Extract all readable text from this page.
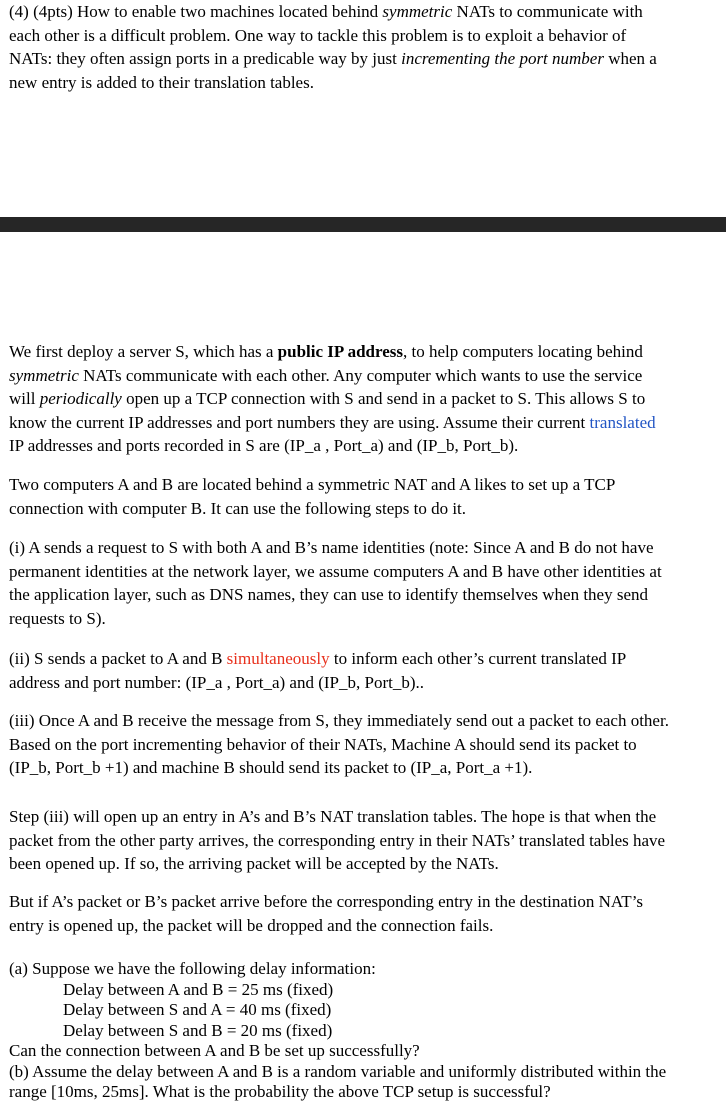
(4) (4pts) How to enable two machines located behind symmetric NATs to communicate with
each other is a difficult problem. One way to tackle this problem is to exploit a behavior of
NATs: they often assign ports in a predicable way by just incrementing the port number when a
new entry is added to their translation tables.
We first deploy a server S, which has a public IP address, to help computers locating behind
symmetric NATs communicate with each other. Any computer which wants to use the service
will periodically open up a TCP connection with S and send in a packet to S. This allows S to
know the current IP addresses and port numbers they are using. Assume their current translated
IP addresses and ports recorded in S are (IP_a , Port_a) and (IP_b, Port_b).
Two computers A and B are located behind a symmetric NAT and A likes to set up a TCP
connection with computer B. It can use the following steps to do it.
(i) A sends a request to S with both A and B’s name identities (note: Since A and B do not have
permanent identities at the network layer, we assume computers A and B have other identities at
the application layer, such as DNS names, they can use to identify themselves when they send
requests to S).
(ii) S sends a packet to A and B simultaneously to inform each other’s current translated IP
address and port number: (IP_a , Port_a) and (IP_b, Port_b)..
(iii) Once A and B receive the message from S, they immediately send out a packet to each other.
Based on the port incrementing behavior of their NATs, Machine A should send its packet to
(IP_b, Port_b +1) and machine B should send its packet to (IP_a, Port_a +1).
Step (iii) will open up an entry in A’s and B’s NAT translation tables. The hope is that when the
packet from the other party arrives, the corresponding entry in their NATs’ translated tables have
been opened up. If so, the arriving packet will be accepted by the NATs.
But if A’s packet or B’s packet arrive before the corresponding entry in the destination NAT’s
entry is opened up, the packet will be dropped and the connection fails.
(a) Suppose we have the following delay information:
Delay between A and B = 25 ms (fixed)
Delay between S and A = 40 ms (fixed)
Delay between S and B = 20 ms (fixed)
Can the connection between A and B be set up successfully?
(b) Assume the delay between A and B is a random variable and uniformly distributed within the
range [10ms, 25ms]. What is the probability the above TCP setup is successful?
